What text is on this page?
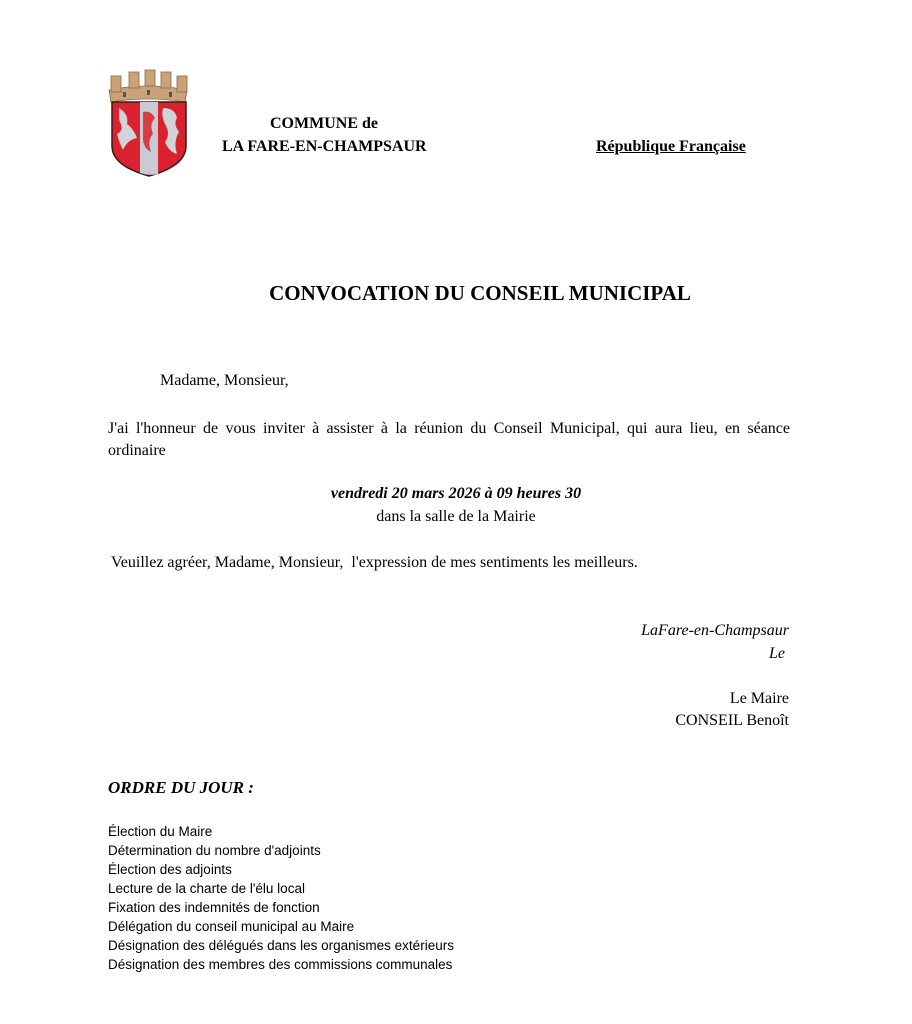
COMMUNE de
LA FARE-EN-CHAMPSAUR	République Française
CONVOCATION DU CONSEIL MUNICIPAL
Madame, Monsieur,
J'ai l'honneur de vous inviter à assister à la réunion du Conseil Municipal, qui aura lieu, en séance ordinaire
vendredi 20 mars 2026 à 09 heures 30
dans la salle de la Mairie
Veuillez agréer, Madame, Monsieur,  l'expression de mes sentiments les meilleurs.
LaFare-en-Champsaur
Le
Le Maire
CONSEIL Benoît
ORDRE DU JOUR :
Élection du Maire
Détermination du nombre d'adjoints
Élection des adjoints
Lecture de la charte de l'élu local
Fixation des indemnités de fonction
Délégation du conseil municipal au Maire
Désignation des délégués dans les organismes extérieurs
Désignation des membres des commissions communales
